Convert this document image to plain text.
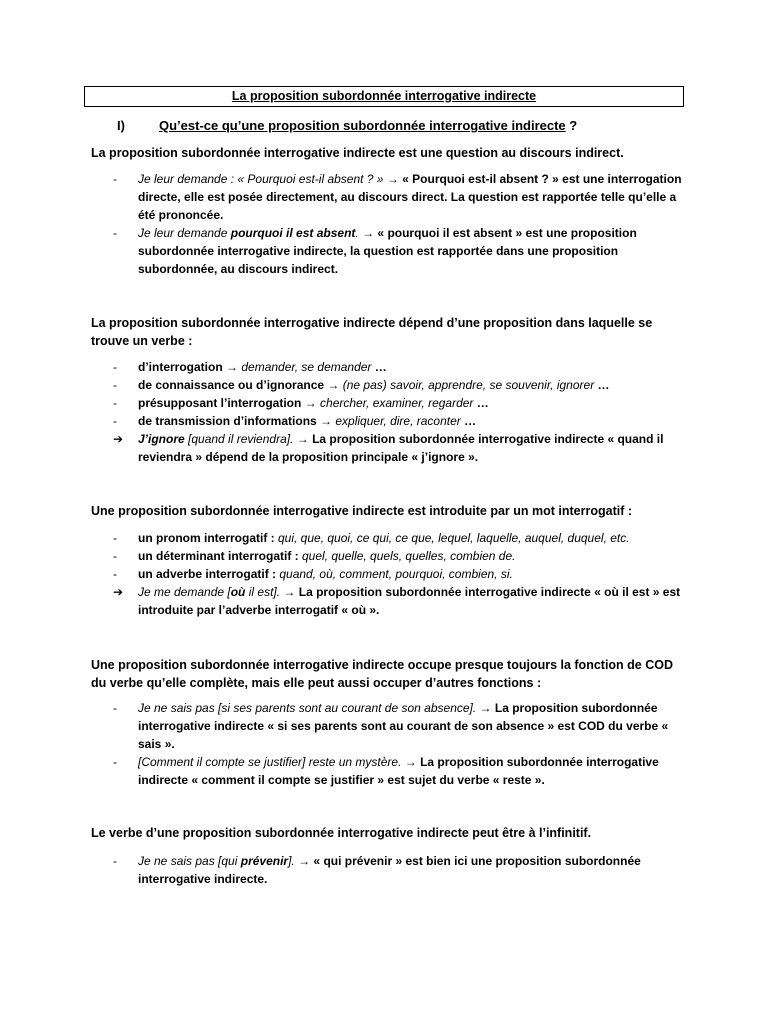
La proposition subordonnée interrogative indirecte
I)	Qu’est-ce qu’une proposition subordonnée interrogative indirecte ?
La proposition subordonnée interrogative indirecte est une question au discours indirect.
- Je leur demande : « Pourquoi est-il absent ? » → « Pourquoi est-il absent ? » est une interrogation directe, elle est posée directement, au discours direct. La question est rapportée telle qu’elle a été prononcée.
- Je leur demande pourquoi il est absent. → « pourquoi il est absent » est une proposition subordonnée interrogative indirecte, la question est rapportée dans une proposition subordonnée, au discours indirect.
La proposition subordonnée interrogative indirecte dépend d’une proposition dans laquelle se trouve un verbe :
- d’interrogation → demander, se demander …
- de connaissance ou d’ignorance → (ne pas) savoir, apprendre, se souvenir, ignorer …
- présupposant l’interrogation → chercher, examiner, regarder …
- de transmission d’informations → expliquer, dire, raconter …
➔ J’ignore [quand il reviendra]. → La proposition subordonnée interrogative indirecte « quand il reviendra » dépend de la proposition principale « j’ignore ».
Une proposition subordonnée interrogative indirecte est introduite par un mot interrogatif :
- un pronom interrogatif : qui, que, quoi, ce qui, ce que, lequel, laquelle, auquel, duquel, etc.
- un déterminant interrogatif : quel, quelle, quels, quelles, combien de.
- un adverbe interrogatif : quand, où, comment, pourquoi, combien, si.
➔ Je me demande [où il est]. → La proposition subordonnée interrogative indirecte « où il est » est introduite par l’adverbe interrogatif « où ».
Une proposition subordonnée interrogative indirecte occupe presque toujours la fonction de COD du verbe qu’elle complète, mais elle peut aussi occuper d’autres fonctions :
- Je ne sais pas [si ses parents sont au courant de son absence]. → La proposition subordonnée interrogative indirecte « si ses parents sont au courant de son absence » est COD du verbe « sais ».
- [Comment il compte se justifier] reste un mystère. → La proposition subordonnée interrogative indirecte « comment il compte se justifier » est sujet du verbe « reste ».
Le verbe d’une proposition subordonnée interrogative indirecte peut être à l’infinitif.
- Je ne sais pas [qui prévenir]. → « qui prévenir » est bien ici une proposition subordonnée interrogative indirecte.
